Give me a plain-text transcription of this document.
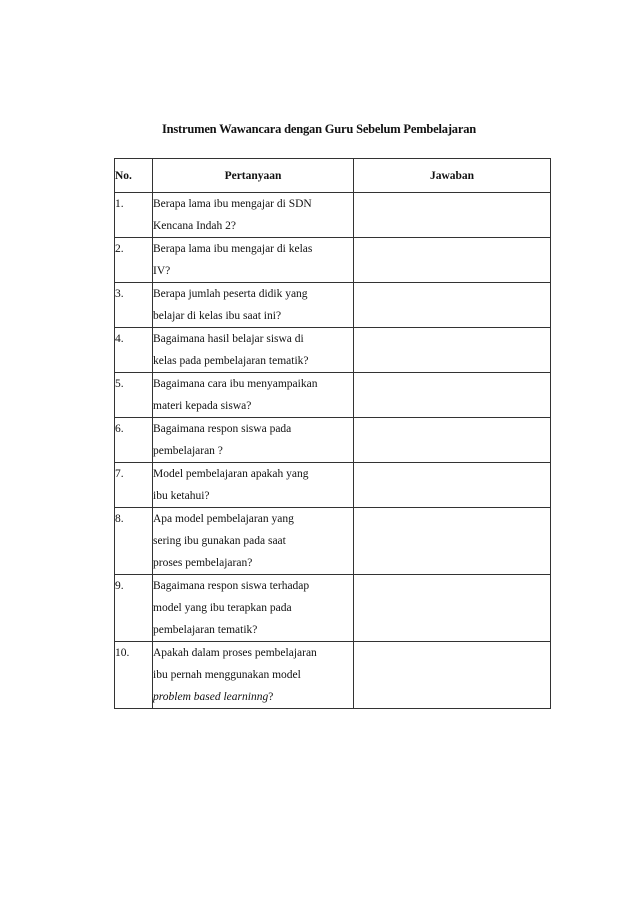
Instrumen Wawancara dengan Guru Sebelum Pembelajaran
No.	Pertanyaan	Jawaban
1.	Berapa lama ibu mengajar di SDN
Kencana Indah 2?	

2.	Berapa lama ibu mengajar di kelas
IV?	

3.	Berapa jumlah peserta didik yang
belajar di kelas ibu saat ini?	

4.	Bagaimana hasil belajar siswa di
kelas pada pembelajaran tematik?	

5.	Bagaimana cara ibu menyampaikan
materi kepada siswa?	

6.	Bagaimana respon siswa pada
pembelajaran ?	

7.	Model pembelajaran apakah yang
ibu ketahui?	

8.	Apa model pembelajaran yang
sering ibu gunakan pada saat
proses pembelajaran?	

9.	Bagaimana respon siswa terhadap
model yang ibu terapkan pada
pembelajaran tematik?	

10.	Apakah dalam proses pembelajaran
ibu pernah menggunakan model
problem based learninng?	
